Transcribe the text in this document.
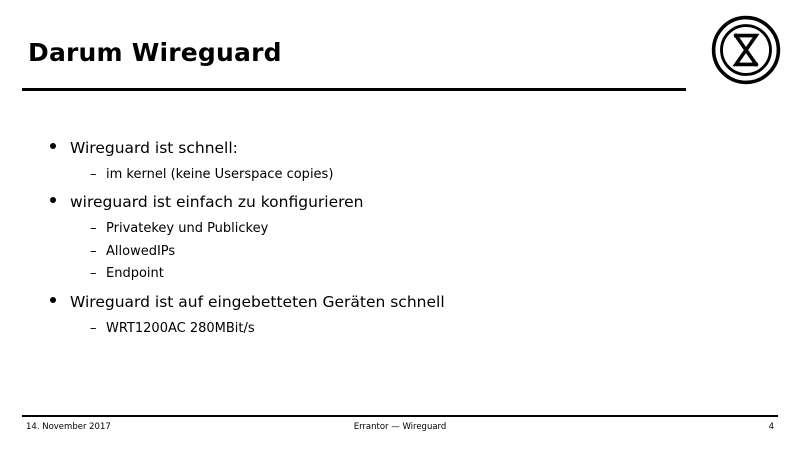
Darum Wireguard
Wireguard ist schnell:
– im kernel (keine Userspace copies)
wireguard ist einfach zu konfigurieren
– Privatekey und Publickey
– AllowedIPs
– Endpoint
Wireguard ist auf eingebetteten Geräten schnell
– WRT1200AC 280MBit/s
14. November 2017	Errantor — Wireguard	4
